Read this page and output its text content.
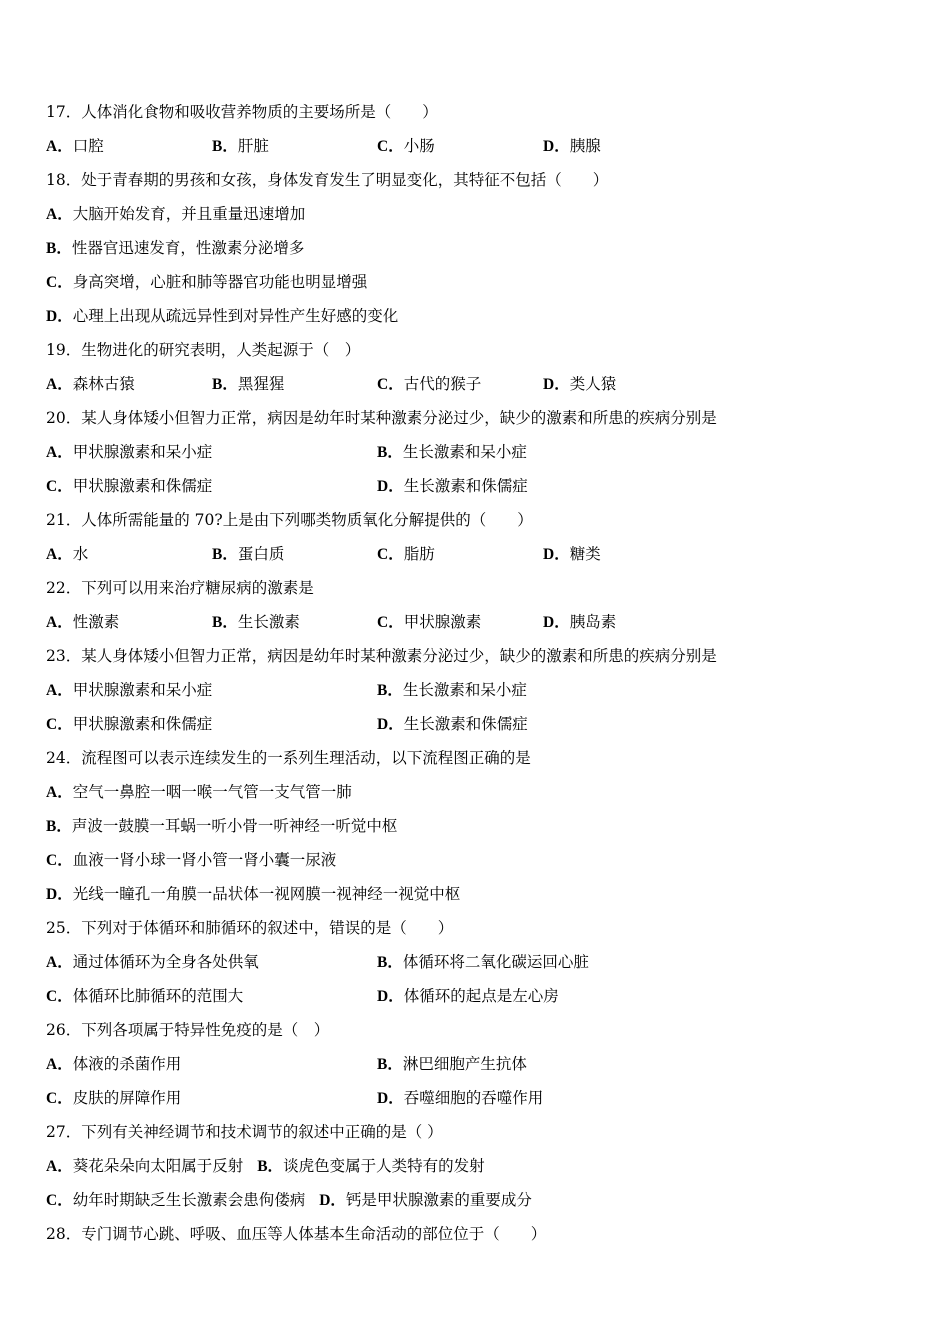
17．人体消化食物和吸收营养物质的主要场所是（　　）
A．口腔	B．肝脏	C．小肠	D．胰腺
18．处于青春期的男孩和女孩，身体发育发生了明显变化，其特征不包括（　　）
A．大脑开始发育，并且重量迅速增加
B．性器官迅速发育，性激素分泌增多
C．身高突增，心脏和肺等器官功能也明显增强
D．心理上出现从疏远异性到对异性产生好感的变化
19．生物进化的研究表明，人类起源于（　）
A．森林古猿	B．黑猩猩	C．古代的猴子	D．类人猿
20．某人身体矮小但智力正常，病因是幼年时某种激素分泌过少，缺少的激素和所患的疾病分别是
A．甲状腺激素和呆小症	B．生长激素和呆小症
C．甲状腺激素和侏儒症	D．生长激素和侏儒症
21．人体所需能量的 70?上是由下列哪类物质氧化分解提供的（　　）
A．水	B．蛋白质	C．脂肪	D．糖类
22．下列可以用来治疗糖尿病的激素是
A．性激素	B．生长激素	C．甲状腺激素	D．胰岛素
23．某人身体矮小但智力正常，病因是幼年时某种激素分泌过少，缺少的激素和所患的疾病分别是
A．甲状腺激素和呆小症	B．生长激素和呆小症
C．甲状腺激素和侏儒症	D．生长激素和侏儒症
24．流程图可以表示连续发生的一系列生理活动，以下流程图正确的是
A．空气一鼻腔一咽一喉一气管一支气管一肺
B．声波一鼓膜一耳蜗一听小骨一听神经一听觉中枢
C．血液一肾小球一肾小管一肾小囊一尿液
D．光线一瞳孔一角膜一品状体一视网膜一视神经一视觉中枢
25．下列对于体循环和肺循环的叙述中，错误的是（　　）
A．通过体循环为全身各处供氧	B．体循环将二氧化碳运回心脏
C．体循环比肺循环的范围大	D．体循环的起点是左心房
26．下列各项属于特异性免疫的是（　）
A．体液的杀菌作用	B．淋巴细胞产生抗体
C．皮肤的屏障作用	D．吞噬细胞的吞噬作用
27．下列有关神经调节和技术调节的叙述中正确的是（ ）
A．葵花朵朵向太阳属于反射 B．谈虎色变属于人类特有的发射
C．幼年时期缺乏生长激素会患佝偻病 D．钙是甲状腺激素的重要成分
28．专门调节心跳、呼吸、血压等人体基本生命活动的部位位于（　　）
